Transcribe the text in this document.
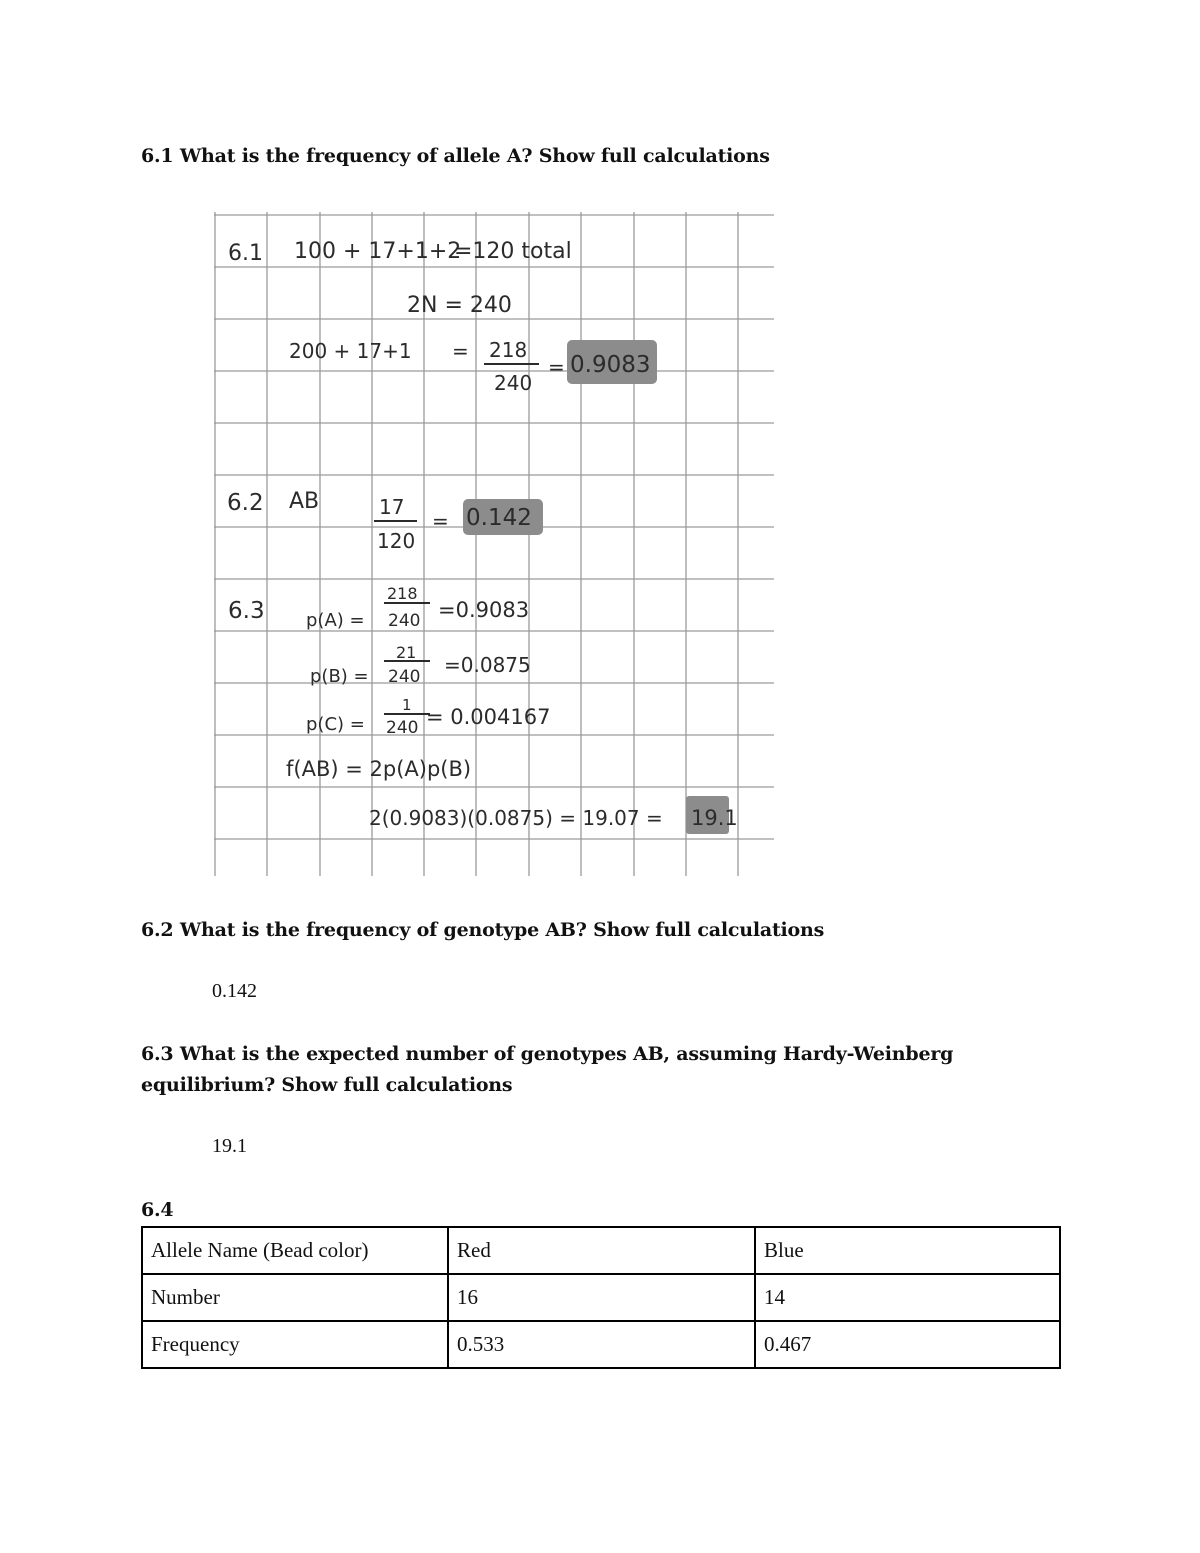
6.1 What is the frequency of allele A? Show full calculations
6.1 100 + 17+1+2
=120 total
2N = 240
200 + 17+1 = 218
240
= 0.9083
6.2 AB	17
120
= 0.142
6.3 p(A) =
218
240 =0.9083
p(B) =
21
240 =0.0875
p(C) =
1
240 = 0.004167
f(AB) = 2p(A)p(B)
2(0.9083)(0.0875) = 19.07 = 19.1
6.2 What is the frequency of genotype AB? Show full calculations
0.142
6.3 What is the expected number of genotypes AB, assuming Hardy-Weinberg
equilibrium? Show full calculations
19.1
6.4
Allele Name (Bead color)	Red	Blue
Number	16	14
Frequency	0.533	0.467
